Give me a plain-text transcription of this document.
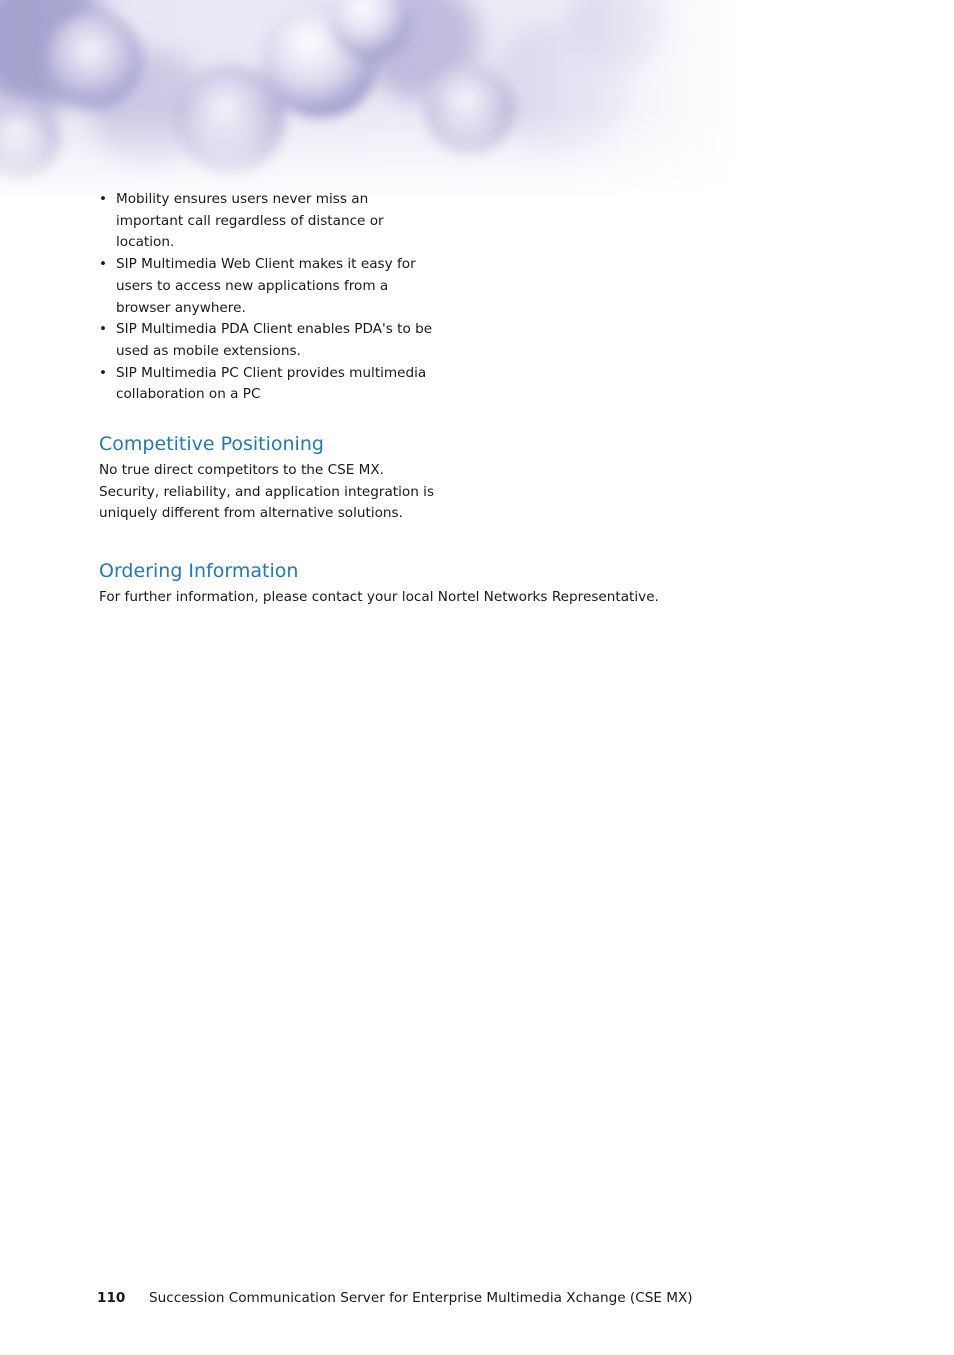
• Mobility ensures users never miss an important call regardless of distance or location.
• SIP Multimedia Web Client makes it easy for users to access new applications from a browser anywhere.
• SIP Multimedia PDA Client enables PDA's to be used as mobile extensions.
• SIP Multimedia PC Client provides multimedia collaboration on a PC
Competitive Positioning

No true direct competitors to the CSE MX. Security, reliability, and application integration is uniquely different from alternative solutions.

Ordering Information

For further information, please contact your local Nortel Networks Representative.

110 Succession Communication Server for Enterprise Multimedia Xchange (CSE MX)
